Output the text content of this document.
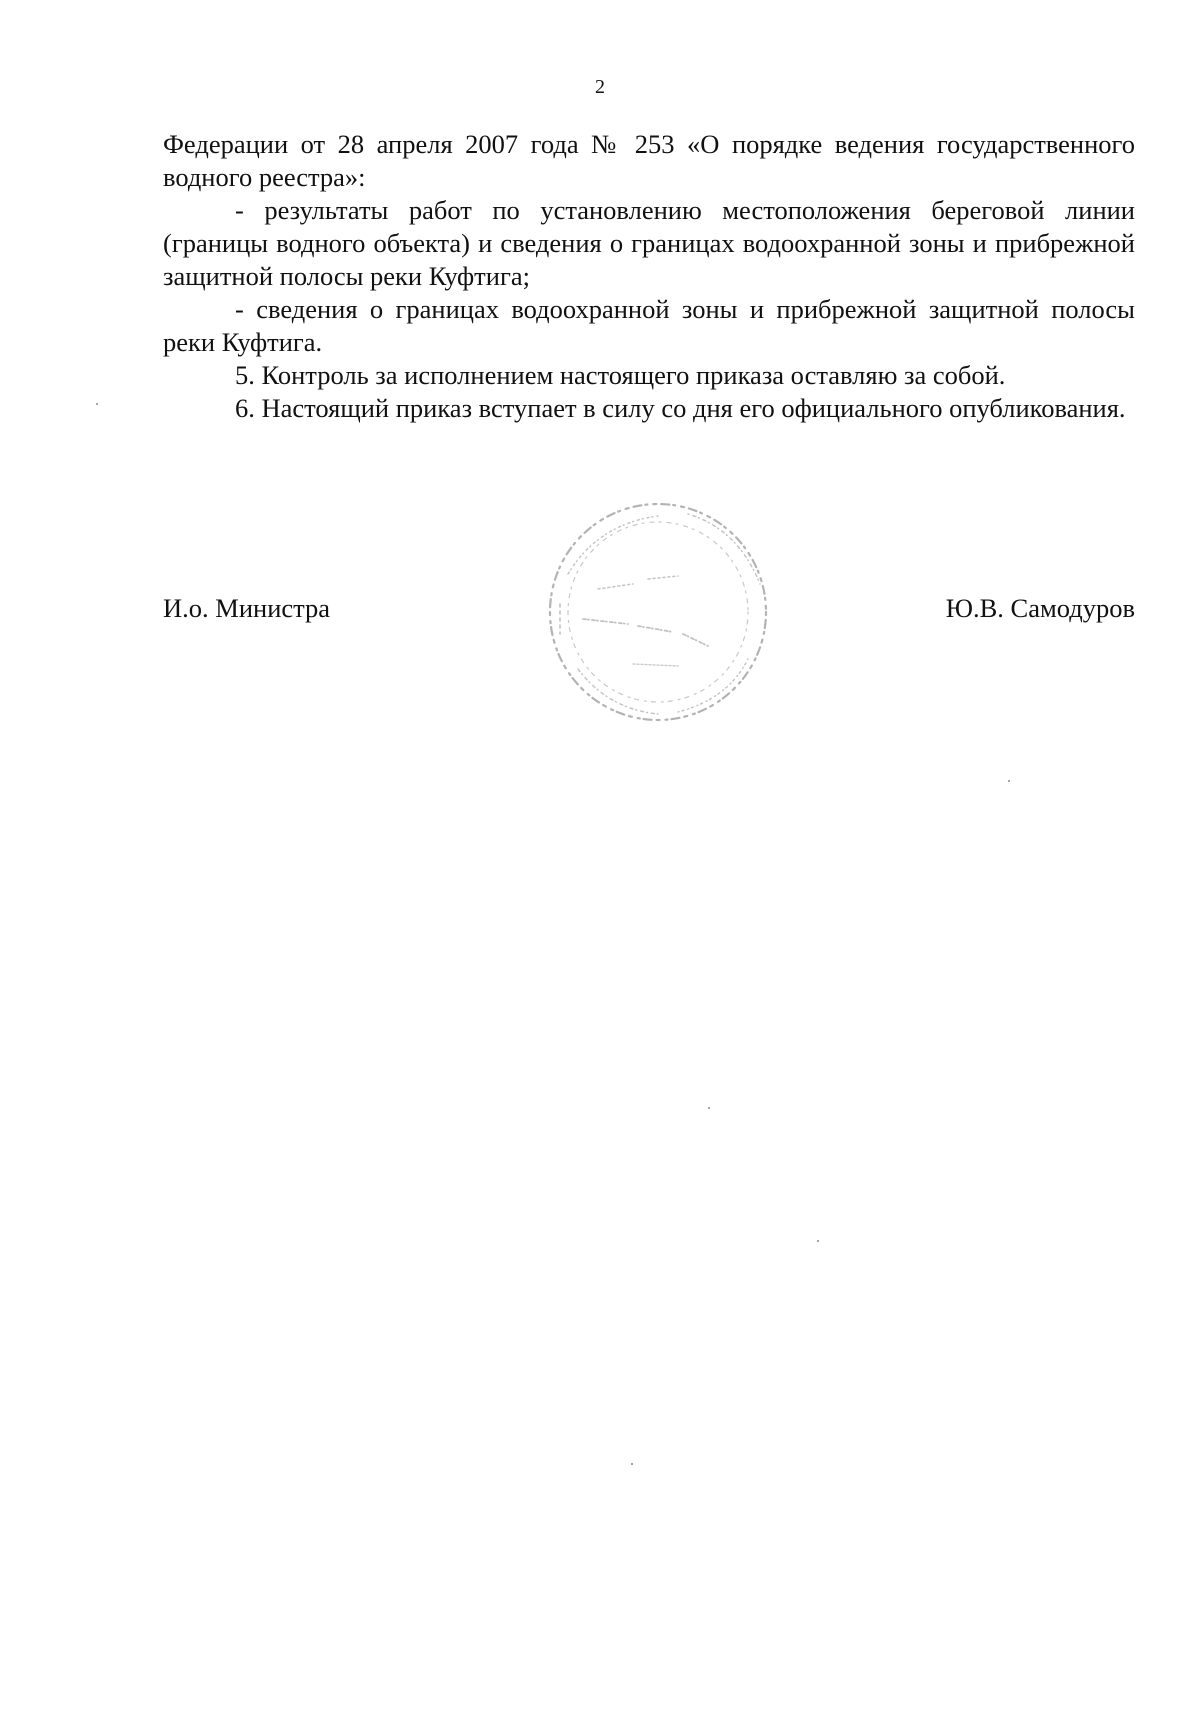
2

Федерации от 28 апреля 2007 года № 253 «О порядке ведения государственного водного реестра»:

- результаты работ по установлению местоположения береговой линии (границы водного объекта) и сведения о границах водоохранной зоны и прибрежной защитной полосы реки Куфтига;

- сведения о границах водоохранной зоны и прибрежной защитной полосы реки Куфтига.

5. Контроль за исполнением настоящего приказа оставляю за собой.

6. Настоящий приказ вступает в силу со дня его официального опубликования.

И.о. Министра	Ю.В. Самодуров
